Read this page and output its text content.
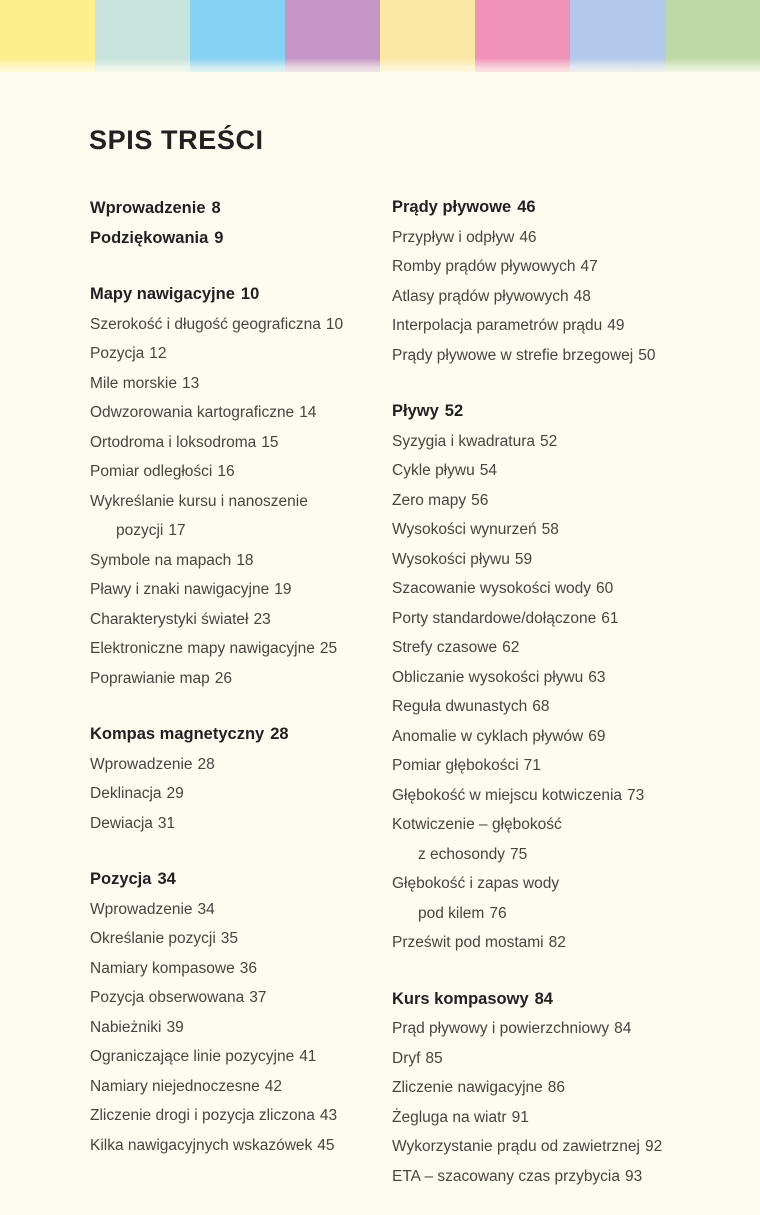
SPIS TREŚCI
Wprowadzenie 8
Podziękowania 9
Mapy nawigacyjne 10
Szerokość i długość geograficzna 10
Pozycja 12
Mile morskie 13
Odwzorowania kartograficzne 14
Ortodroma i loksodroma 15
Pomiar odległości 16
Wykreślanie kursu i nanoszenie
pozycji 17
Symbole na mapach 18
Pławy i znaki nawigacyjne 19
Charakterystyki świateł 23
Elektroniczne mapy nawigacyjne 25
Poprawianie map 26
Kompas magnetyczny 28
Wprowadzenie 28
Deklinacja 29
Dewiacja 31
Pozycja 34
Wprowadzenie 34
Określanie pozycji 35
Namiary kompasowe 36
Pozycja obserwowana 37
Nabieżniki 39
Ograniczające linie pozycyjne 41
Namiary niejednoczesne 42
Zliczenie drogi i pozycja zliczona 43
Kilka nawigacyjnych wskazówek 45
Prądy pływowe 46
Przypływ i odpływ 46
Romby prądów pływowych 47
Atlasy prądów pływowych 48
Interpolacja parametrów prądu 49
Prądy pływowe w strefie brzegowej 50
Pływy 52
Syzygia i kwadratura 52
Cykle pływu 54
Zero mapy 56
Wysokości wynurzeń 58
Wysokości pływu 59
Szacowanie wysokości wody 60
Porty standardowe/dołączone 61
Strefy czasowe 62
Obliczanie wysokości pływu 63
Reguła dwunastych 68
Anomalie w cyklach pływów 69
Pomiar głębokości 71
Głębokość w miejscu kotwiczenia 73
Kotwiczenie – głębokość
z echosondy 75
Głębokość i zapas wody
pod kilem 76
Prześwit pod mostami 82
Kurs kompasowy 84
Prąd pływowy i powierzchniowy 84
Dryf 85
Zliczenie nawigacyjne 86
Żegluga na wiatr 91
Wykorzystanie prądu od zawietrznej 92
ETA – szacowany czas przybycia 93
